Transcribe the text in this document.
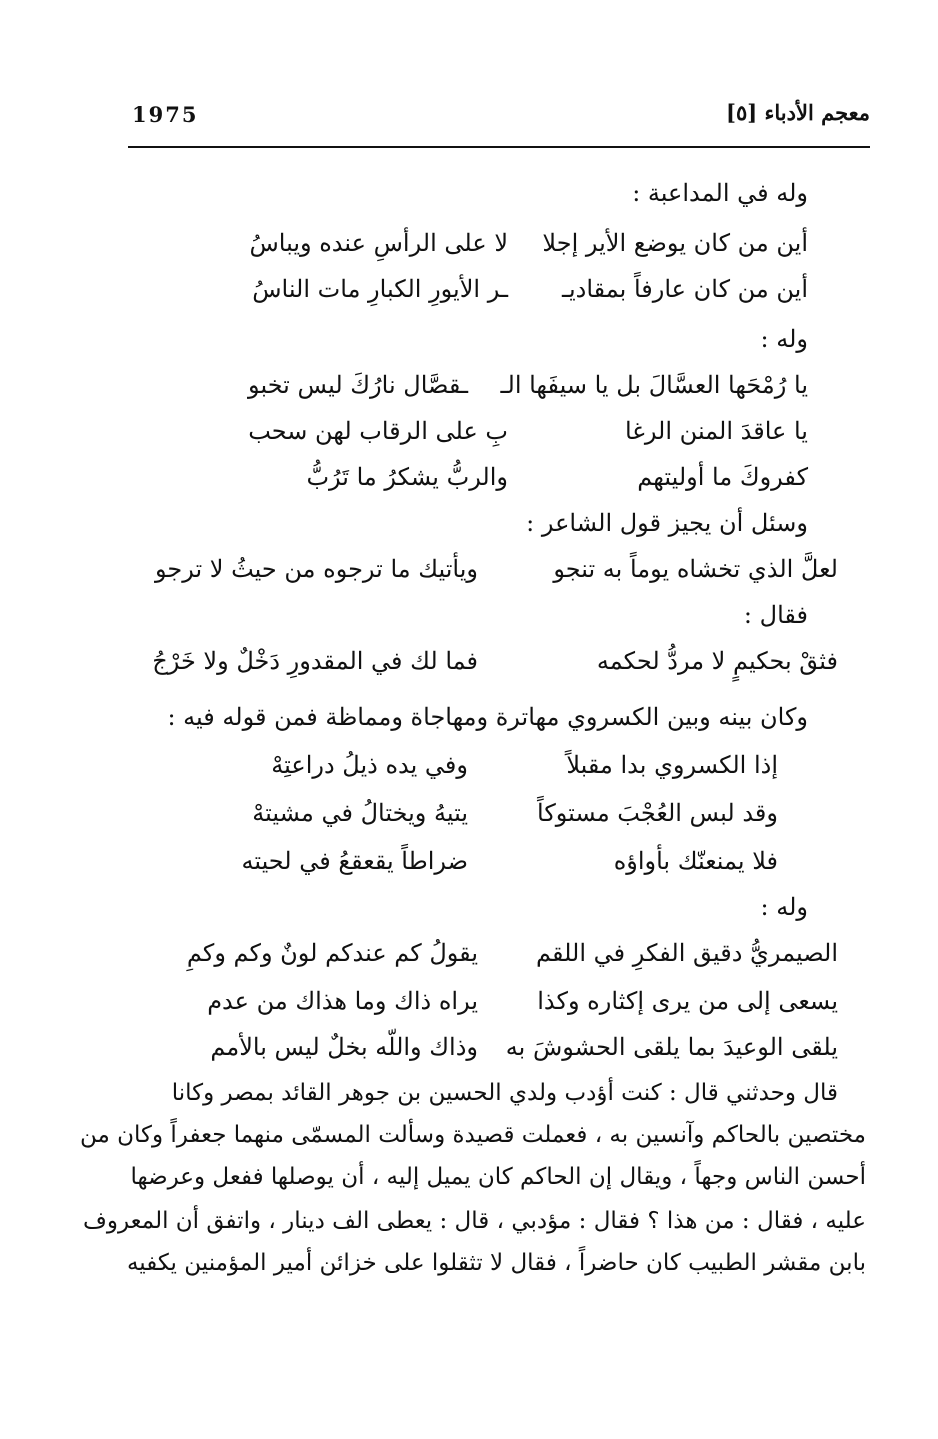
1975	معجم الأدباء [٥]
وله في المداعبة :
أين من كان يوضع الأير إجلا
لا على الرأسِ عنده ويباسُ
أين من كان عارفاً بمقاديـ
ـر الأيورِ الكبارِ مات الناسُ
وله :
يا رُمْحَها العسَّالَ بل يا سيفَها الـ
ـقصَّال نارُكَ ليس تخبو
يا عاقدَ المنن الرغا
بِ على الرقاب لهن سحب
كفروكَ ما أوليتهم
والربُّ يشكرُ ما تَرُبُّ
وسئل أن يجيز قول الشاعر :
لعلَّ الذي تخشاه يوماً به تنجو
ويأتيك ما ترجوه من حيثُ لا ترجو
فقال :
فثقْ بحكيمٍ لا مردُّ لحكمه
فما لك في المقدورِ دَخْلٌ ولا خَرْجُ
وكان بينه وبين الكسروي مهاترة ومهاجاة ومماظة فمن قوله فيه :
إذا الكسروي بدا مقبلاً
وفي يده ذيلُ دراعتِهْ
وقد لبس العُجْبَ مستوكاً
يتيهُ ويختالُ في مشيتهْ
فلا يمنعنّك بأواؤه
ضراطاً يقعقعُ في لحيته
وله :
الصيمريُّ دقيق الفكرِ في اللقم
يقولُ كم عندكم لونٌ وكم وكمِ
يسعى إلى من يرى إكثاره وكذا
يراه ذاك وما هذاك من عدم
يلقى الوعيدَ بما يلقى الحشوشَ به
وذاك واللّه بخلٌ ليس بالأمم
قال وحدثني قال : كنت أؤدب ولدي الحسين بن جوهر القائد بمصر وكانا
مختصين بالحاكم وآنسين به ، فعملت قصيدة وسألت المسمّى منهما جعفراً وكان من
أحسن الناس وجهاً ، ويقال إن الحاكم كان يميل إليه ، أن يوصلها ففعل وعرضها
عليه ، فقال : من هذا ؟ فقال : مؤدبي ، قال : يعطى الف دينار ، واتفق أن المعروف
بابن مقشر الطبيب كان حاضراً ، فقال لا تثقلوا على خزائن أمير المؤمنين يكفيه
